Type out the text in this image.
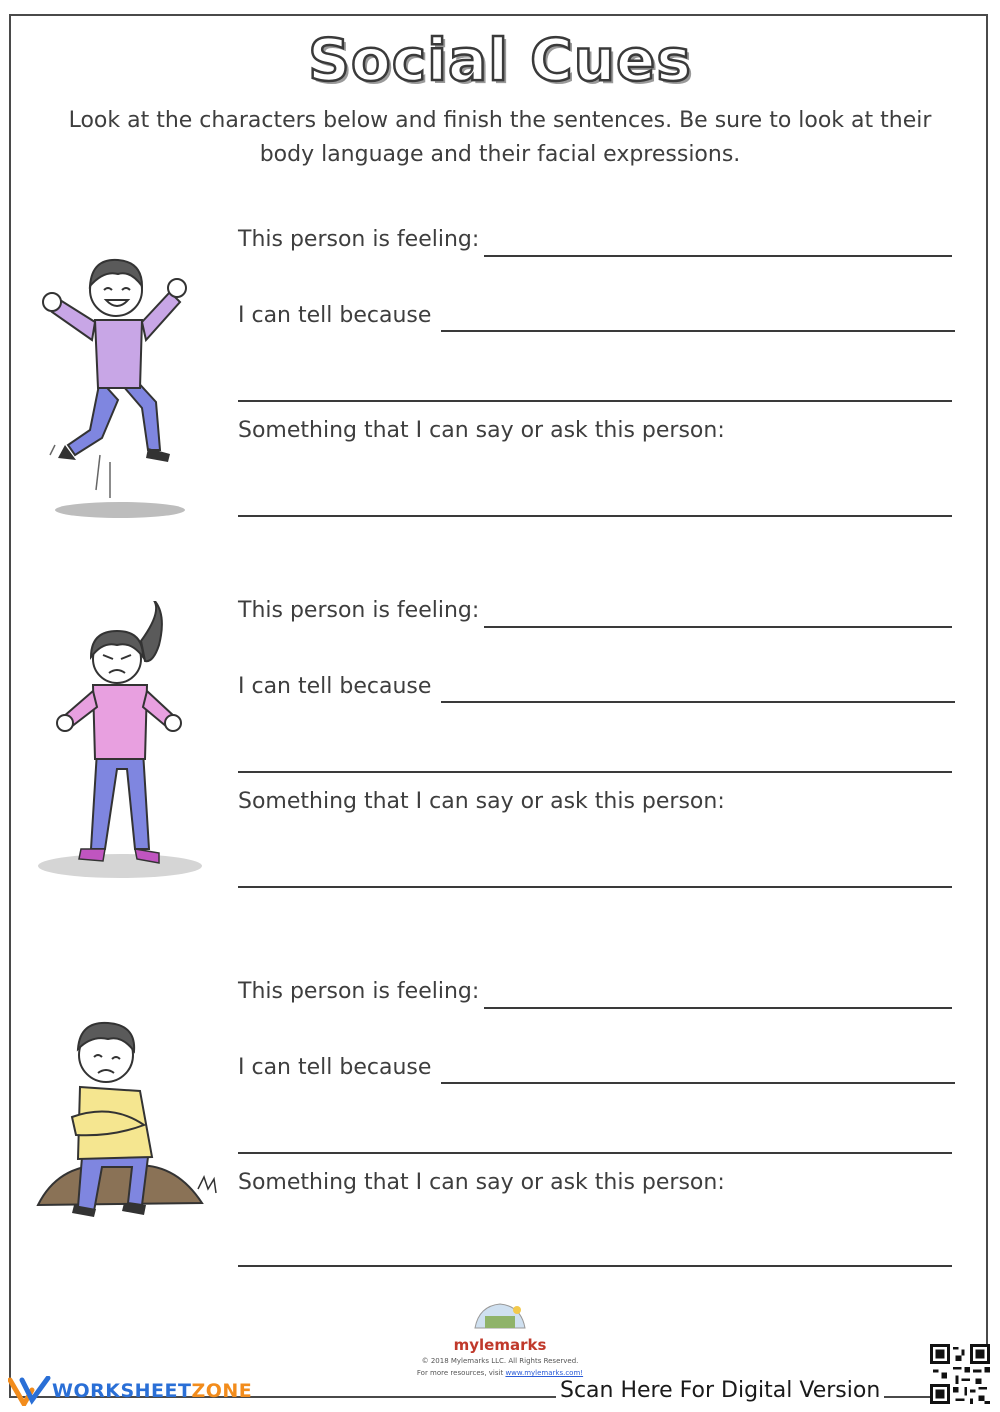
Social Cues
Look at the characters below and finish the sentences. Be sure to look at their body language and their facial expressions.
This person is feeling:
I can tell because
Something that I can say or ask this person:
This person is feeling:
I can tell because
Something that I can say or ask this person:
This person is feeling:
I can tell because
Something that I can say or ask this person:
mylemarks
© 2018 Mylemarks LLC. All Rights Reserved.
For more resources, visit www.mylemarks.com!
WORKSHEETZONE	Scan Here For Digital Version
